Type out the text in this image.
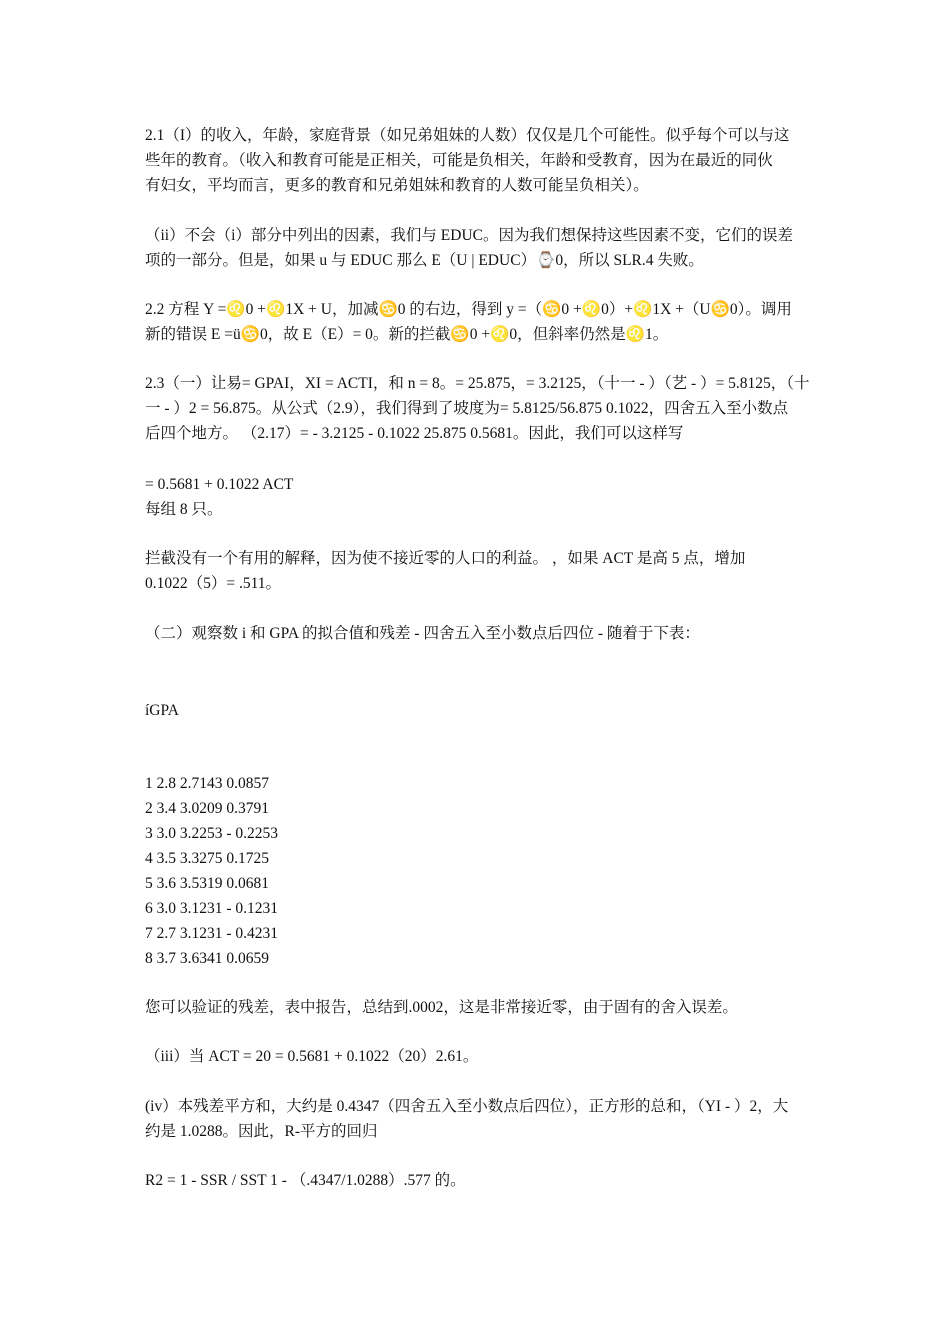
2.1（I）的收入，年龄，家庭背景（如兄弟姐妹的人数）仅仅是几个可能性。似乎每个可以与这
些年的教育。（收入和教育可能是正相关，可能是负相关，年龄和受教育，因为在最近的同伙
有妇女，平均而言，更多的教育和兄弟姐妹和教育的人数可能呈负相关）。
（ii）不会（i）部分中列出的因素，我们与 EDUC。因为我们想保持这些因素不变，它们的误差
项的一部分。但是，如果 u 与 EDUC 那么 E（U | EDUC）⌚0，所以 SLR.4 失败。
2.2 方程 Y =♌0 +♌1X + U，加减♋0 的右边，得到 y =（♋0 +♌0）+♌1X +（U♋0）。调用
新的错误 E =ü♋0，故 E（E）= 0。新的拦截♋0 +♌0，但斜率仍然是♌1。
2.3（一）让易= GPAI，XI = ACTI，和 n = 8。= 25.875，= 3.2125，（十一 - ）（艺 - ）= 5.8125，（十
一 - ）2 = 56.875。从公式（2.9），我们得到了坡度为= 5.8125/56.875 0.1022，四舍五入至小数点
后四个地方。 （2.17）= - 3.2125 - 0.1022 25.875 0.5681。因此，我们可以这样写
= 0.5681 + 0.1022 ACT
每组 8 只。
拦截没有一个有用的解释，因为使不接近零的人口的利益。 ，如果 ACT 是高 5 点，增加
0.1022（5）= .511。
（二）观察数 i 和 GPA 的拟合值和残差 - 四舍五入至小数点后四位 - 随着于下表：
íGPA
1 2.8 2.7143 0.0857
2 3.4 3.0209 0.3791
3 3.0 3.2253 - 0.2253
4 3.5 3.3275 0.1725
5 3.6 3.5319 0.0681
6 3.0 3.1231 - 0.1231
7 2.7 3.1231 - 0.4231
8 3.7 3.6341 0.0659
您可以验证的残差，表中报告，总结到.0002，这是非常接近零，由于固有的舍入误差。
（iii）当 ACT = 20 = 0.5681 + 0.1022（20）2.61。
(iv）本残差平方和，大约是 0.4347（四舍五入至小数点后四位），正方形的总和，（YI - ）2，大
约是 1.0288。因此，R-平方的回归
R2 = 1 - SSR / SST 1 - （.4347/1.0288）.577 的。
